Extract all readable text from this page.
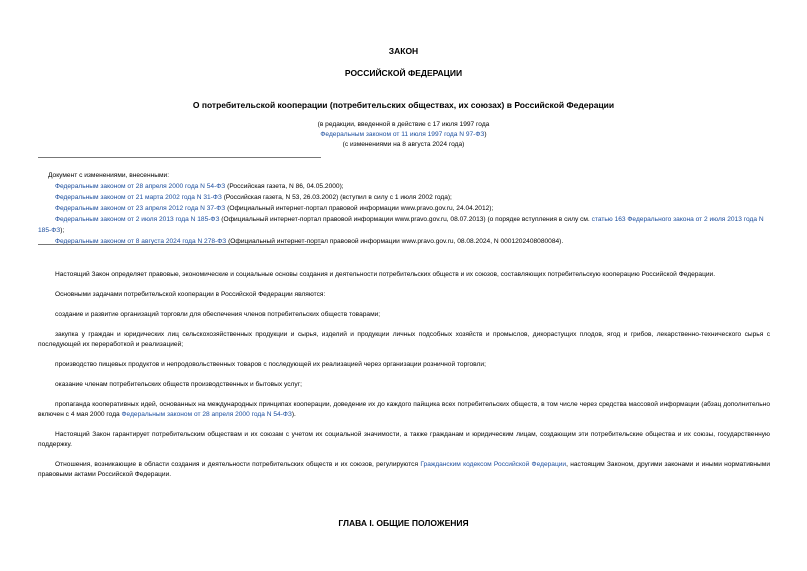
ЗАКОН
РОССИЙСКОЙ ФЕДЕРАЦИИ
О потребительской кооперации (потребительских обществах, их союзах) в Российской Федерации
(в редакции, введенной в действие с 17 июля 1997 года
Федеральным законом от 11 июля 1997 года N 97-ФЗ)
(с изменениями на 8 августа 2024 года)
Документ с изменениями, внесенными:
Федеральным законом от 28 апреля 2000 года N 54-ФЗ (Российская газета, N 86, 04.05.2000);
Федеральным законом от 21 марта 2002 года N 31-ФЗ (Российская газета, N 53, 26.03.2002) (вступил в силу с 1 июля 2002 года);
Федеральным законом от 23 апреля 2012 года N 37-ФЗ (Официальный интернет-портал правовой информации www.pravo.gov.ru, 24.04.2012);
Федеральным законом от 2 июля 2013 года N 185-ФЗ (Официальный интернет-портал правовой информации www.pravo.gov.ru, 08.07.2013) (о порядке вступления в силу см. статью 163 Федерального закона от 2 июля 2013 года N 185-ФЗ);
Федеральным законом от 8 августа 2024 года N 278-ФЗ (Официальный интернет-портал правовой информации www.pravo.gov.ru, 08.08.2024, N 0001202408080084).

Настоящий Закон определяет правовые, экономические и социальные основы создания и деятельности потребительских обществ и их союзов, составляющих потребительскую кооперацию Российской Федерации.

Основными задачами потребительской кооперации в Российской Федерации являются:

создание и развитие организаций торговли для обеспечения членов потребительских обществ товарами;

закупка у граждан и юридических лиц сельскохозяйственных продукции и сырья, изделий и продукции личных подсобных хозяйств и промыслов, дикорастущих плодов, ягод и грибов, лекарственно-технического сырья с последующей их переработкой и реализацией;

производство пищевых продуктов и непродовольственных товаров с последующей их реализацией через организации розничной торговли;

оказание членам потребительских обществ производственных и бытовых услуг;

пропаганда кооперативных идей, основанных на международных принципах кооперации, доведение их до каждого пайщика всех потребительских обществ, в том числе через средства массовой информации (абзац дополнительно включен с 4 мая 2000 года Федеральным законом от 28 апреля 2000 года N 54-ФЗ).

Настоящий Закон гарантирует потребительским обществам и их союзам с учетом их социальной значимости, а также гражданам и юридическим лицам, создающим эти потребительские общества и их союзы, государственную поддержку.

Отношения, возникающие в области создания и деятельности потребительских обществ и их союзов, регулируются Гражданским кодексом Российской Федерации, настоящим Законом, другими законами и иными нормативными правовыми актами Российской Федерации.

ГЛАВА I. ОБЩИЕ ПОЛОЖЕНИЯ
